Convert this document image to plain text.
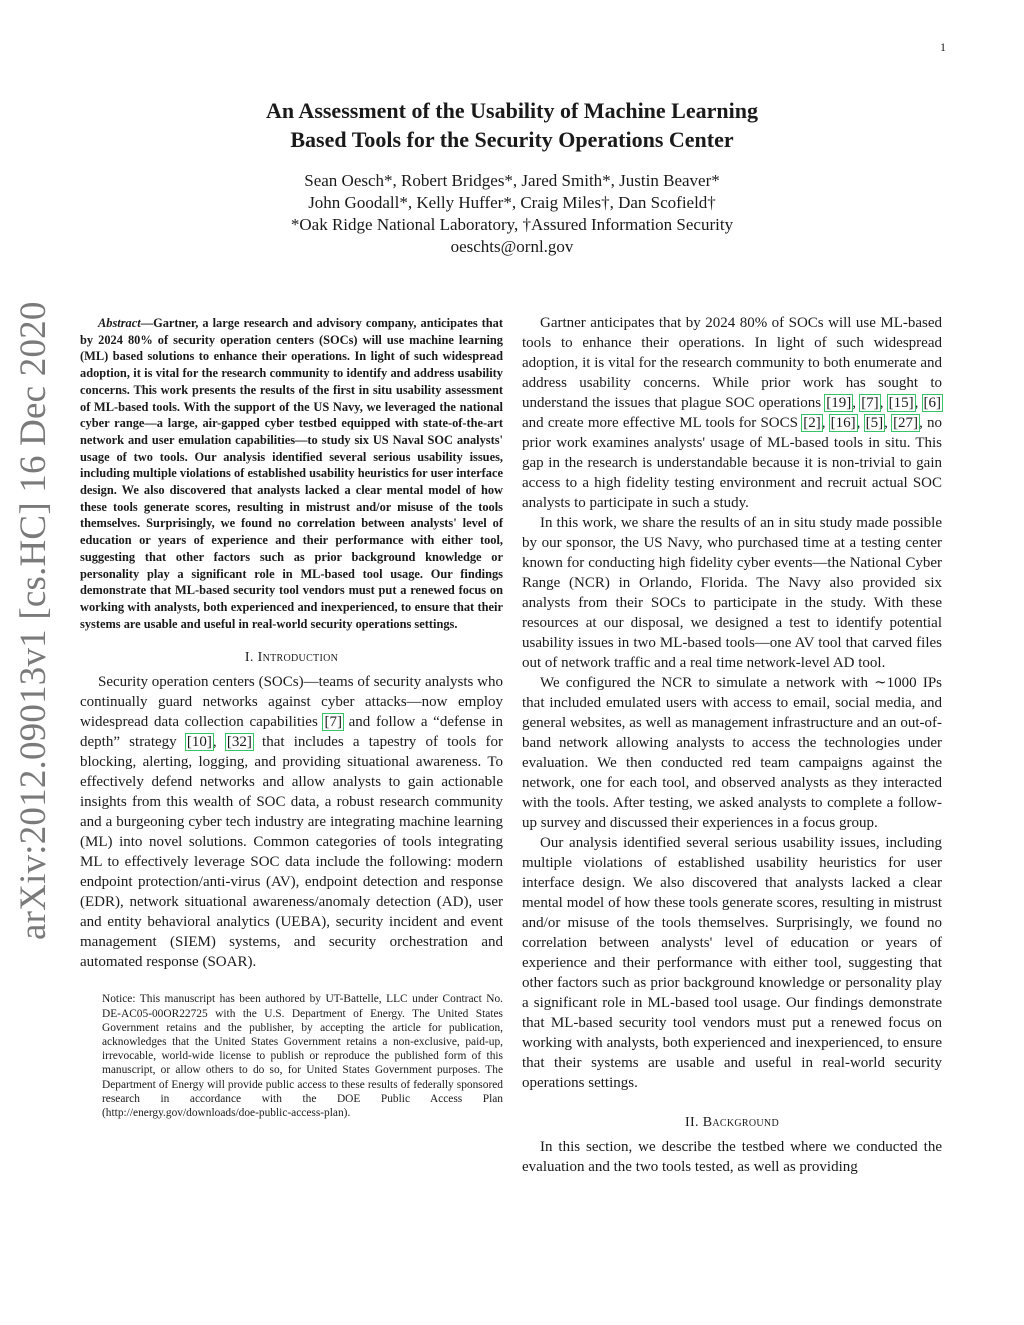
1
arXiv:2012.09013v1 [cs.HC] 16 Dec 2020
An Assessment of the Usability of Machine Learning
Based Tools for the Security Operations Center
Sean Oesch*, Robert Bridges*, Jared Smith*, Justin Beaver*
John Goodall*, Kelly Huffer*, Craig Miles†, Dan Scofield†
*Oak Ridge National Laboratory, †Assured Information Security
oeschts@ornl.gov

Abstract—Gartner, a large research and advisory company, anticipates that by 2024 80% of security operation centers (SOCs) will use machine learning (ML) based solutions to enhance their operations. In light of such widespread adoption, it is vital for the research community to identify and address usability concerns. This work presents the results of the first in situ usability assessment of ML-based tools. With the support of the US Navy, we leveraged the national cyber range—a large, air-gapped cyber testbed equipped with state-of-the-art network and user emulation capabilities—to study six US Naval SOC analysts' usage of two tools. Our analysis identified several serious usability issues, including multiple violations of established usability heuristics for user interface design. We also discovered that analysts lacked a clear mental model of how these tools generate scores, resulting in mistrust and/or misuse of the tools themselves. Surprisingly, we found no correlation between analysts' level of education or years of experience and their performance with either tool, suggesting that other factors such as prior background knowledge or personality play a significant role in ML-based tool usage. Our findings demonstrate that ML-based security tool vendors must put a renewed focus on working with analysts, both experienced and inexperienced, to ensure that their systems are usable and useful in real-world security operations settings.

I. Introduction

Security operation centers (SOCs)—teams of security analysts who continually guard networks against cyber attacks—now employ widespread data collection capabilities [7] and follow a “defense in depth” strategy [10], [32] that includes a tapestry of tools for blocking, alerting, logging, and providing situational awareness. To effectively defend networks and allow analysts to gain actionable insights from this wealth of SOC data, a robust research community and a burgeoning cyber tech industry are integrating machine learning (ML) into novel solutions. Common categories of tools integrating ML to effectively leverage SOC data include the following: modern endpoint protection/anti-virus (AV), endpoint detection and response (EDR), network situational awareness/anomaly detection (AD), user and entity behavioral analytics (UEBA), security incident and event management (SIEM) systems, and security orchestration and automated response (SOAR).

Notice: This manuscript has been authored by UT-Battelle, LLC under Contract No. DE-AC05-00OR22725 with the U.S. Department of Energy. The United States Government retains and the publisher, by accepting the article for publication, acknowledges that the United States Government retains a non-exclusive, paid-up, irrevocable, world-wide license to publish or reproduce the published form of this manuscript, or allow others to do so, for United States Government purposes. The Department of Energy will provide public access to these results of federally sponsored research in accordance with the DOE Public Access Plan (http://energy.gov/downloads/doe-public-access-plan).

Gartner anticipates that by 2024 80% of SOCs will use ML-based tools to enhance their operations. In light of such widespread adoption, it is vital for the research community to both enumerate and address usability concerns. While prior work has sought to understand the issues that plague SOC operations [19], [7], [15], [6] and create more effective ML tools for SOCS [2], [16], [5], [27], no prior work examines analysts' usage of ML-based tools in situ. This gap in the research is understandable because it is non-trivial to gain access to a high fidelity testing environment and recruit actual SOC analysts to participate in such a study.

In this work, we share the results of an in situ study made possible by our sponsor, the US Navy, who purchased time at a testing center known for conducting high fidelity cyber events—the National Cyber Range (NCR) in Orlando, Florida. The Navy also provided six analysts from their SOCs to participate in the study. With these resources at our disposal, we designed a test to identify potential usability issues in two ML-based tools—one AV tool that carved files out of network traffic and a real time network-level AD tool.

We configured the NCR to simulate a network with ∼1000 IPs that included emulated users with access to email, social media, and general websites, as well as management infrastructure and an out-of-band network allowing analysts to access the technologies under evaluation. We then conducted red team campaigns against the network, one for each tool, and observed analysts as they interacted with the tools. After testing, we asked analysts to complete a follow-up survey and discussed their experiences in a focus group.

Our analysis identified several serious usability issues, including multiple violations of established usability heuristics for user interface design. We also discovered that analysts lacked a clear mental model of how these tools generate scores, resulting in mistrust and/or misuse of the tools themselves. Surprisingly, we found no correlation between analysts' level of education or years of experience and their performance with either tool, suggesting that other factors such as prior background knowledge or personality play a significant role in ML-based tool usage. Our findings demonstrate that ML-based security tool vendors must put a renewed focus on working with analysts, both experienced and inexperienced, to ensure that their systems are usable and useful in real-world security operations settings.

II. Background

In this section, we describe the testbed where we conducted the evaluation and the two tools tested, as well as providing
